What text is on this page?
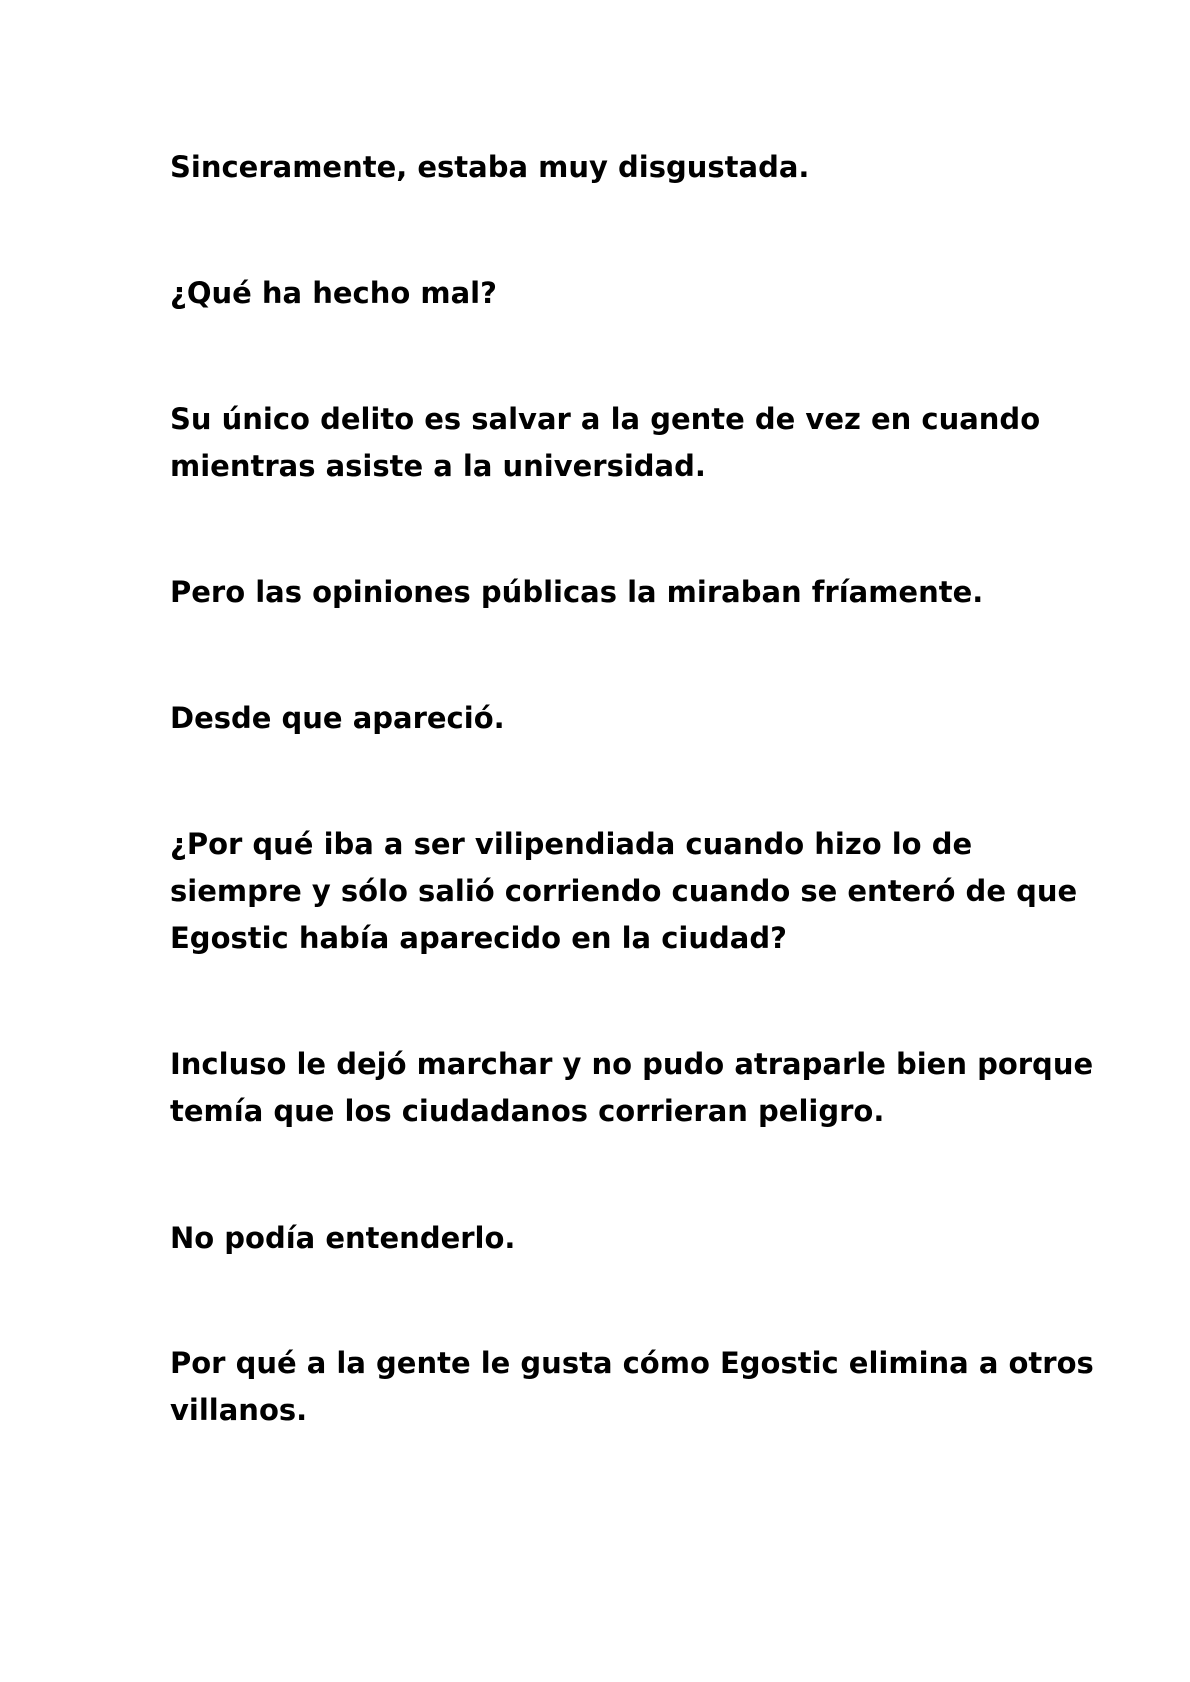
Sinceramente, estaba muy disgustada.

¿Qué ha hecho mal?

Su único delito es salvar a la gente de vez en cuando
mientras asiste a la universidad.

Pero las opiniones públicas la miraban fríamente.

Desde que apareció.

¿Por qué iba a ser vilipendiada cuando hizo lo de
siempre y sólo salió corriendo cuando se enteró de que
Egostic había aparecido en la ciudad?

Incluso le dejó marchar y no pudo atraparle bien porque
temía que los ciudadanos corrieran peligro.

No podía entenderlo.

Por qué a la gente le gusta cómo Egostic elimina a otros
villanos.
